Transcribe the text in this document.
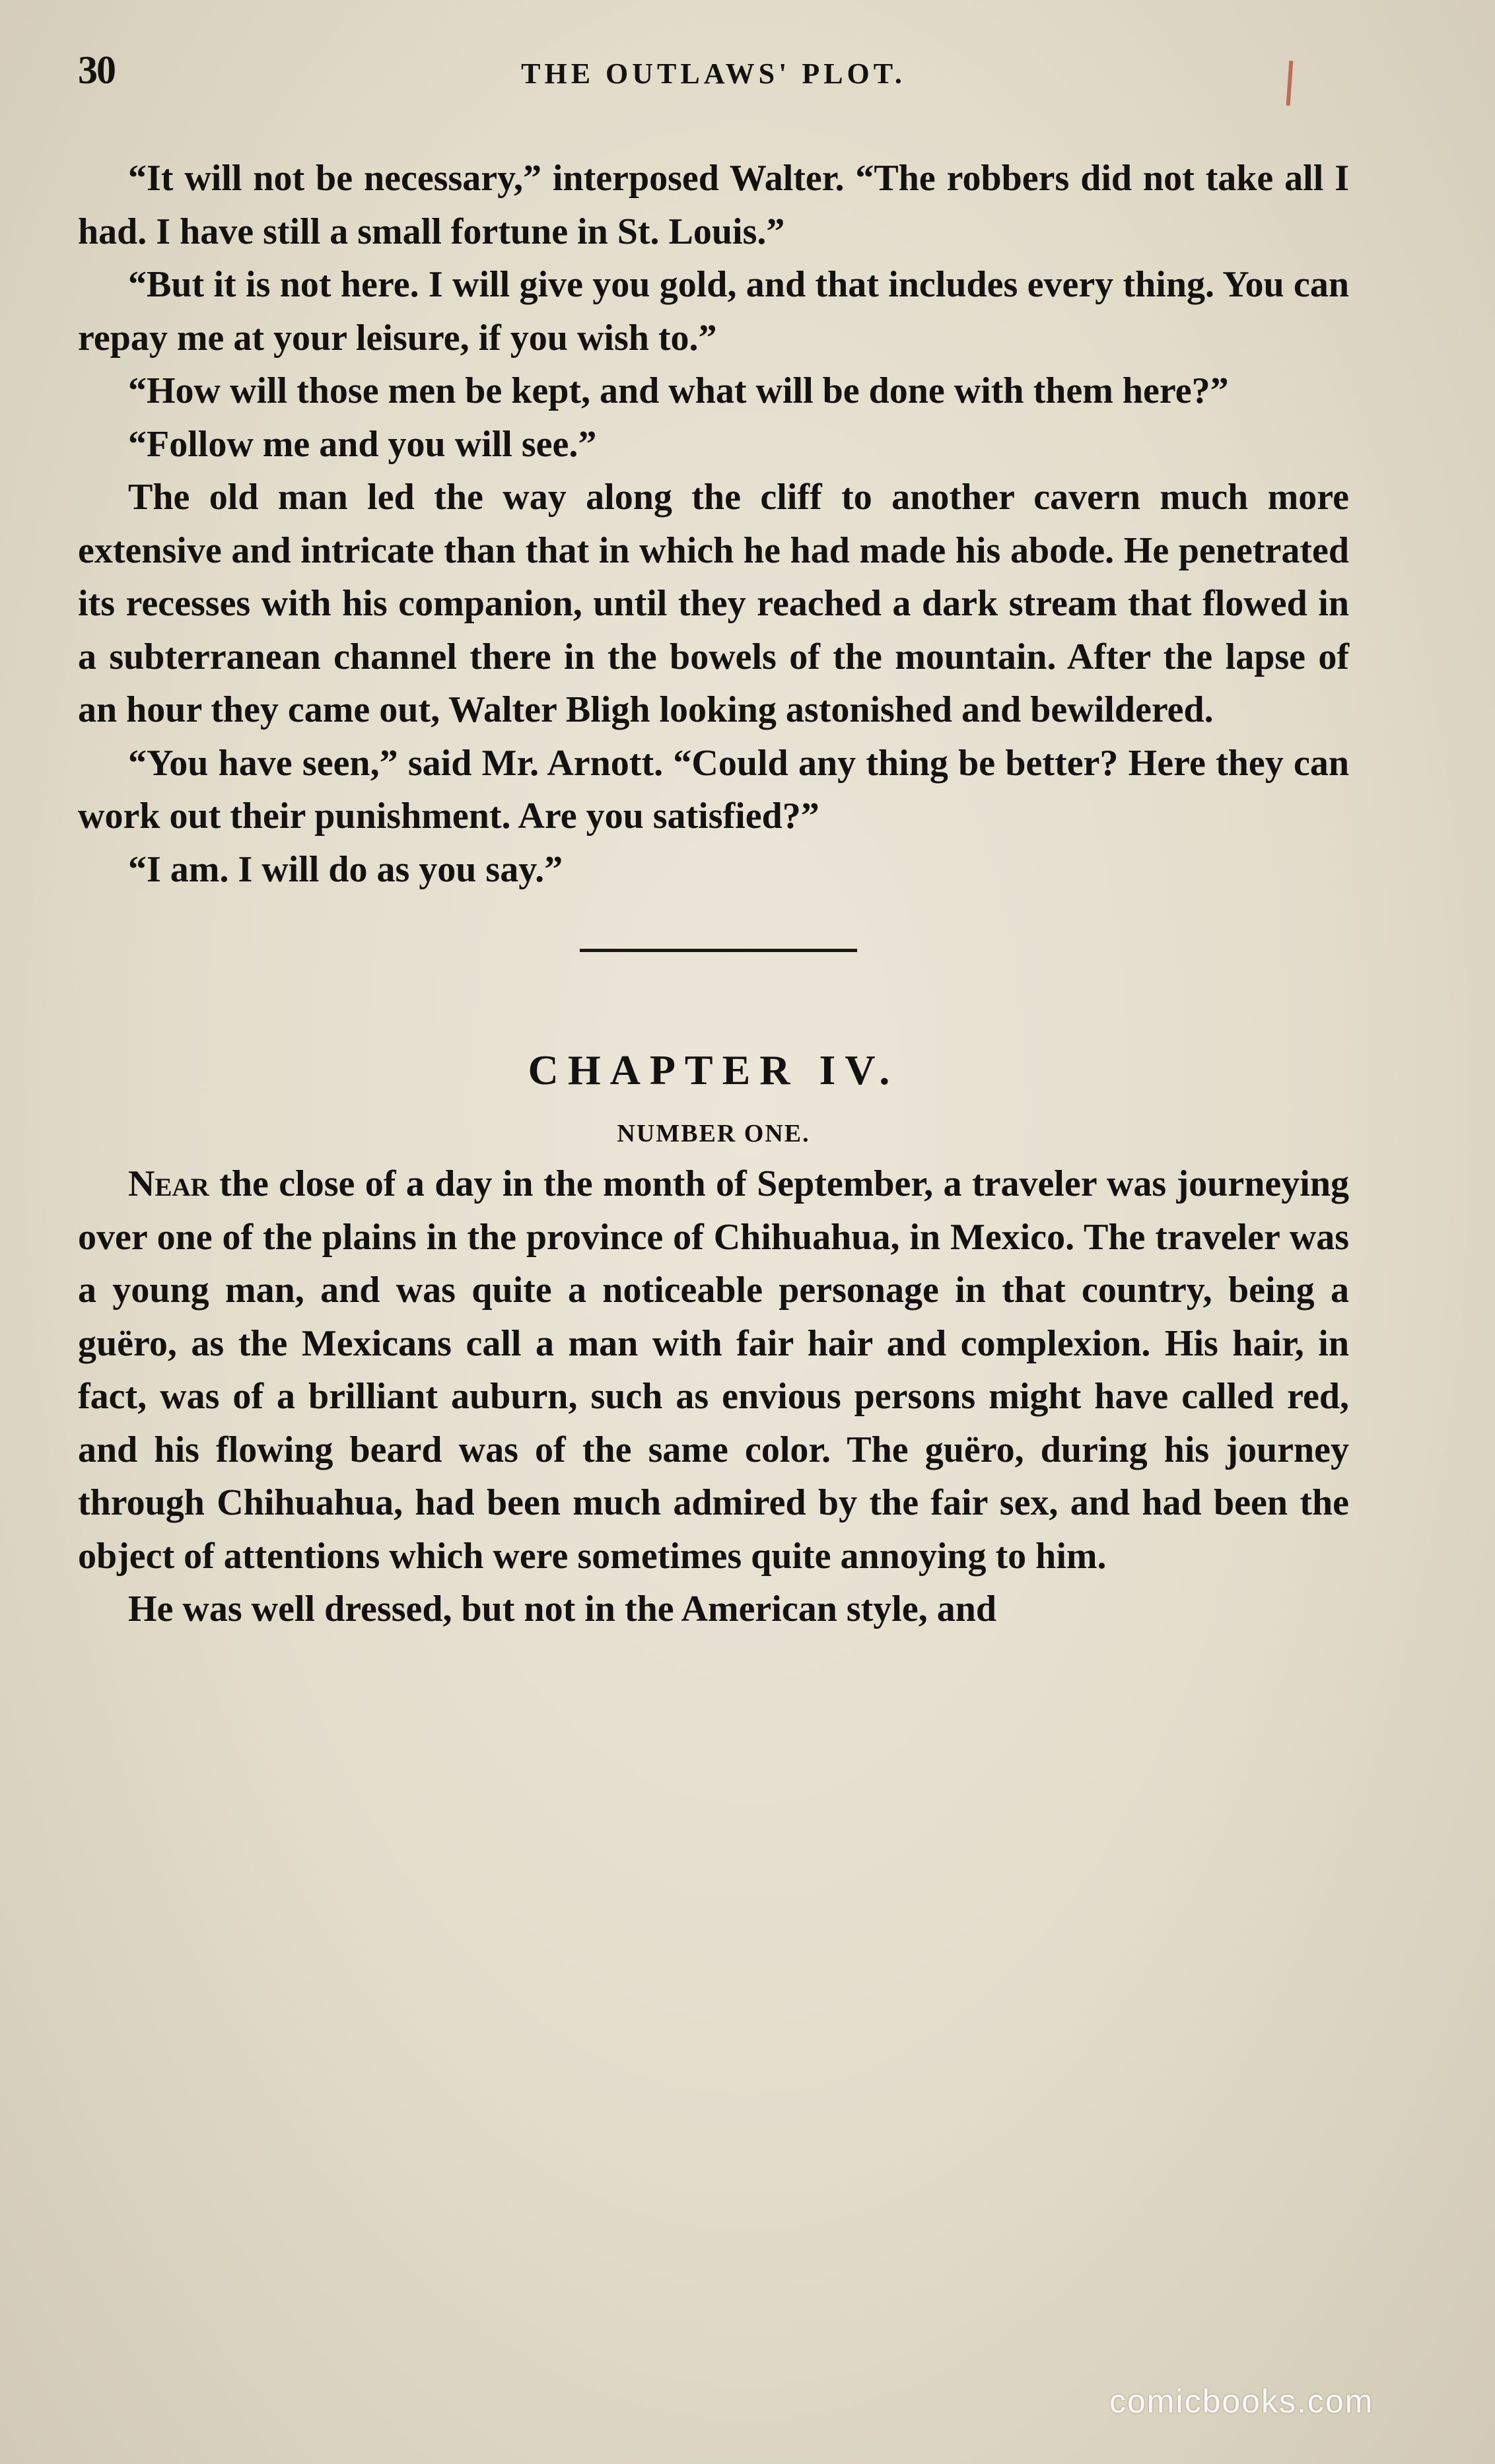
30	THE OUTLAWS' PLOT.

“It will not be necessary,” interposed Walter. “The robbers did not take all I had. I have still a small fortune in St. Louis.”

“But it is not here. I will give you gold, and that includes every thing. You can repay me at your leisure, if you wish to.”

“How will those men be kept, and what will be done with them here?”

“Follow me and you will see.”

The old man led the way along the cliff to another cavern much more extensive and intricate than that in which he had made his abode. He penetrated its recesses with his companion, until they reached a dark stream that flowed in a subterranean channel there in the bowels of the mountain. After the lapse of an hour they came out, Walter Bligh looking astonished and bewildered.

“You have seen,” said Mr. Arnott. “Could any thing be better? Here they can work out their punishment. Are you satisfied?”

“I am. I will do as you say.”

CHAPTER IV.
NUMBER ONE.

Near the close of a day in the month of September, a traveler was journeying over one of the plains in the province of Chihuahua, in Mexico. The traveler was a young man, and was quite a noticeable personage in that country, being a guëro, as the Mexicans call a man with fair hair and complexion. His hair, in fact, was of a brilliant auburn, such as envious persons might have called red, and his flowing beard was of the same color. The guëro, during his journey through Chihuahua, had been much admired by the fair sex, and had been the object of attentions which were sometimes quite annoying to him.

He was well dressed, but not in the American style, and

comicbooks.com
